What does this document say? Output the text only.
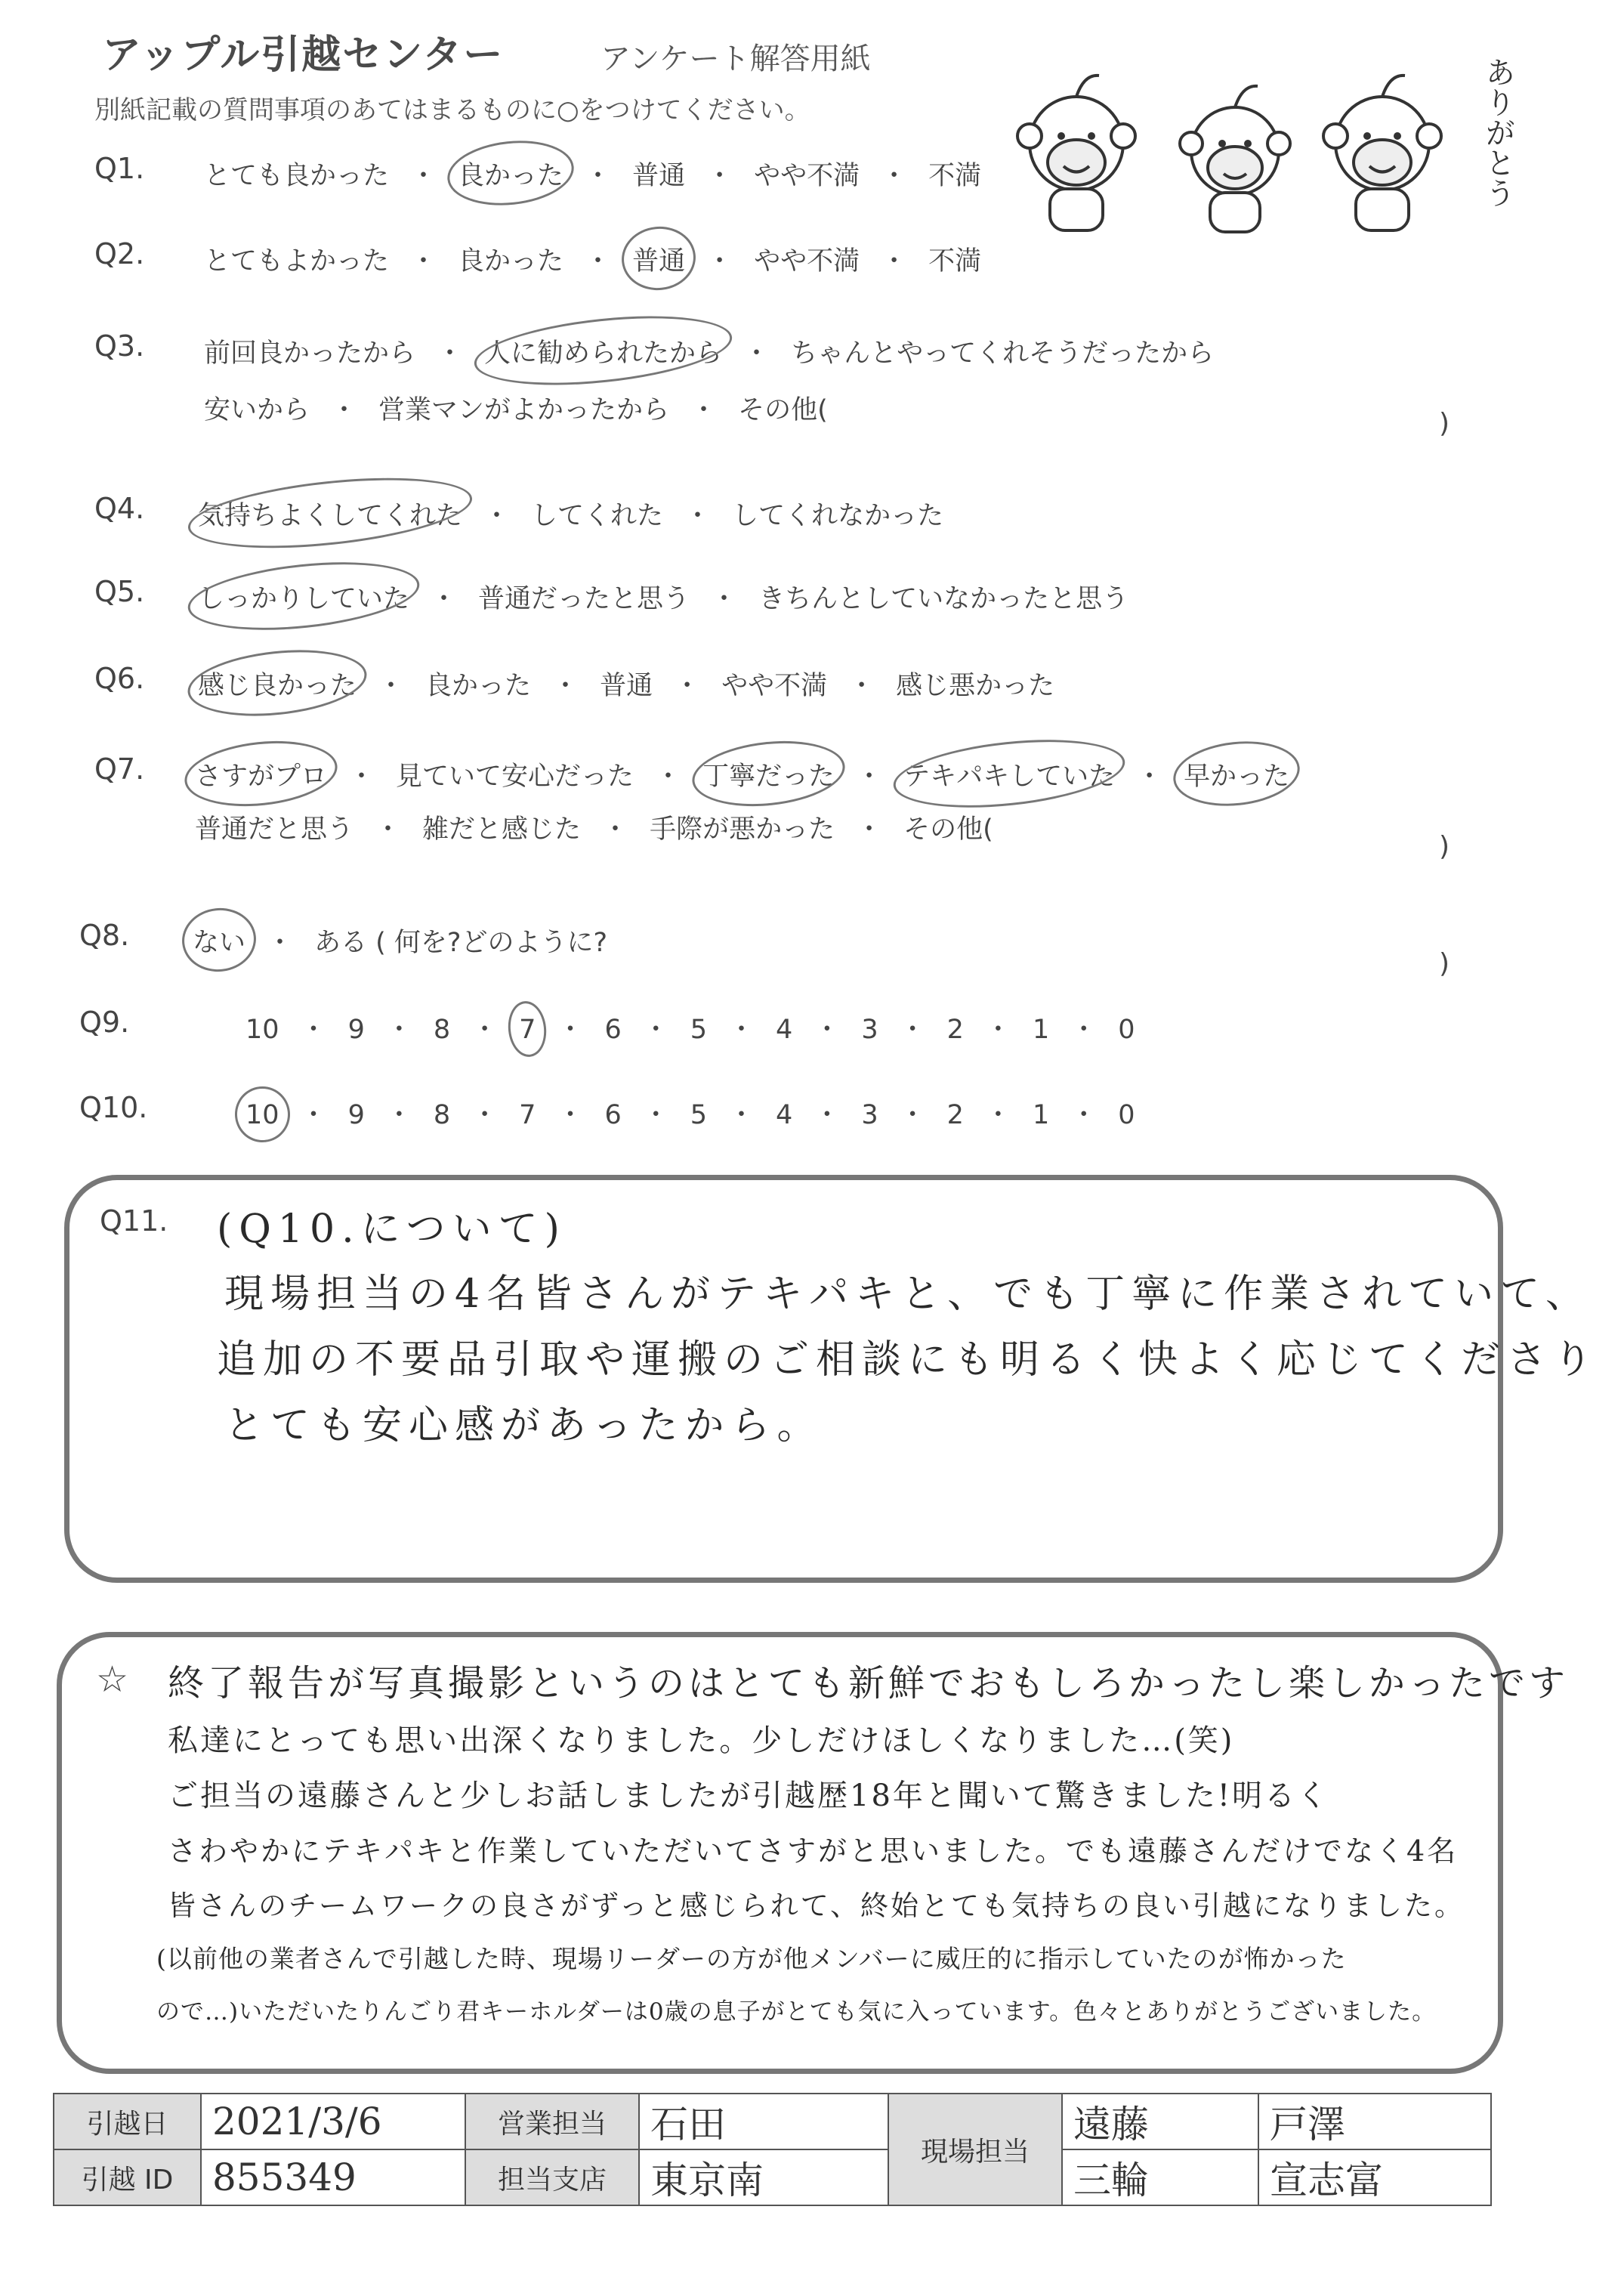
アップル引越センター	アンケート解答用紙
別紙記載の質問事項のあてはまるものに○をつけてください。	ありがとう
Q1. とても良かった ・ 良かった ・ 普通 ・ やや不満 ・ 不満
Q2. とてもよかった ・ 良かった ・ 普通 ・ やや不満 ・ 不満
Q3. 前回良かったから ・ 人に勧められたから ・ ちゃんとやってくれそうだったから
安いから ・ 営業マンがよかったから ・ その他(	)
Q4. 気持ちよくしてくれた ・ してくれた ・ してくれなかった
Q5. しっかりしていた ・ 普通だったと思う ・ きちんとしていなかったと思う
Q6. 感じ良かった ・ 良かった ・ 普通 ・ やや不満 ・ 感じ悪かった
Q7. さすがプロ ・ 見ていて安心だった ・ 丁寧だった ・ テキパキしていた ・ 早かった
普通だと思う ・ 雑だと感じた ・ 手際が悪かった ・ その他(
)
Q8. ない ・ ある ( 何を?どのように?
)
Q9.	10 ・ 9 ・ 8 ・ 7 ・ 6 ・ 5 ・ 4 ・ 3 ・ 2 ・ 1 ・ 0
Q10.	10 ・ 9 ・ 8 ・ 7 ・ 6 ・ 5 ・ 4 ・ 3 ・ 2 ・ 1 ・ 0
Q11. (Q10.について)
現場担当の4名皆さんがテキパキと、でも丁寧に作業されていて、
追加の不要品引取や運搬のご相談にも明るく快よく応じてくださり
とても安心感があったから。
☆ 終了報告が写真撮影というのはとても新鮮でおもしろかったし楽しかったです
私達にとっても思い出深くなりました。少しだけほしくなりました…(笑)
ご担当の遠藤さんと少しお話しましたが引越歴18年と聞いて驚きました!明るく
さわやかにテキパキと作業していただいてさすがと思いました。でも遠藤さんだけでなく4名
皆さんのチームワークの良さがずっと感じられて、終始とても気持ちの良い引越になりました。
(以前他の業者さんで引越した時、現場リーダーの方が他メンバーに威圧的に指示していたのが怖かった
ので…)いただいたりんごり君キーホルダーは0歳の息子がとても気に入っています。色々とありがとうございました。
引越日	2021/3/6	営業担当	石田	現場担当	遠藤	戸澤
引越 ID	855349	担当支店	東京南		三輪	宣志富
